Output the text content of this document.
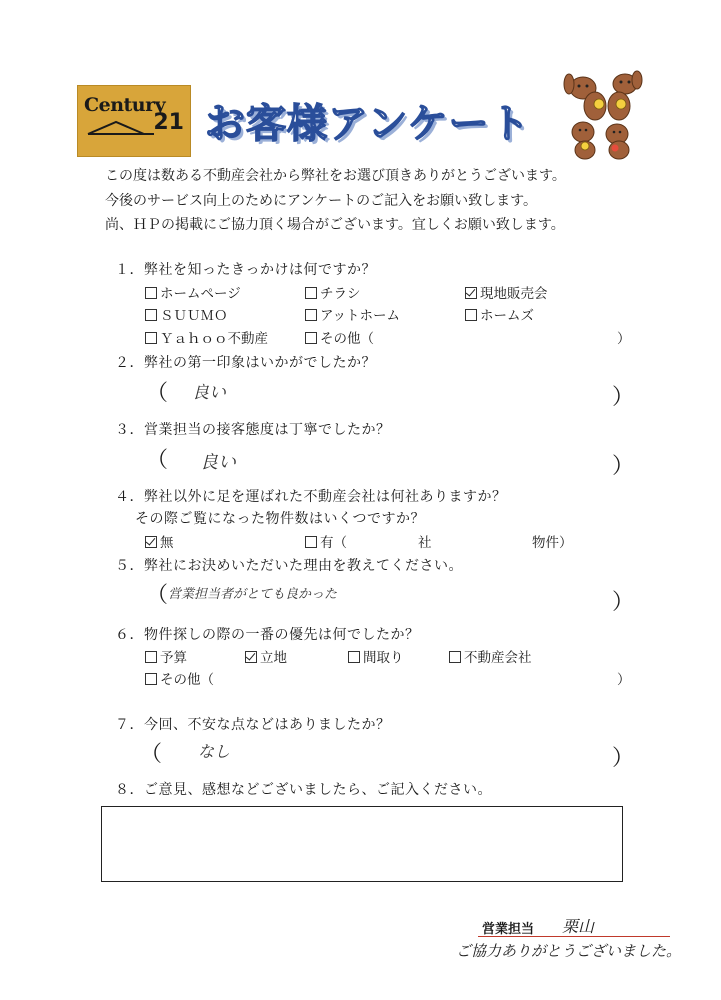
Century
21 お客様アンケート
この度は数ある不動産会社から弊社をお選び頂きありがとうございます。
今後のサービス向上のためにアンケートのご記入をお願い致します。
尚、ＨＰの掲載にご協力頂く場合がございます。宜しくお願い致します。
１．弊社を知ったきっかけは何ですか？
ホームページ	チラシ	現地販売会
ＳＵＵＭＯ	アットホーム	ホームズ
Ｙａｈｏｏ不動産	その他（	）
２．弊社の第一印象はいかがでしたか？
（ 良い	）
３．営業担当の接客態度は丁寧でしたか？
（ 良い	）
４．弊社以外に足を運ばれた不動産会社は何社ありますか？
その際ご覧になった物件数はいくつですか？
無	有（	社	物件）
５．弊社にお決めいただいた理由を教えてください。
（ 営業担当者がとても良かった	）
６．物件探しの際の一番の優先は何でしたか？
予算	立地	間取り	不動産会社
その他（	）
７．今回、不安な点などはありましたか？
（ なし	）
８．ご意見、感想などございましたら、ご記入ください。
営業担当 栗山
ご協力ありがとうございました。
